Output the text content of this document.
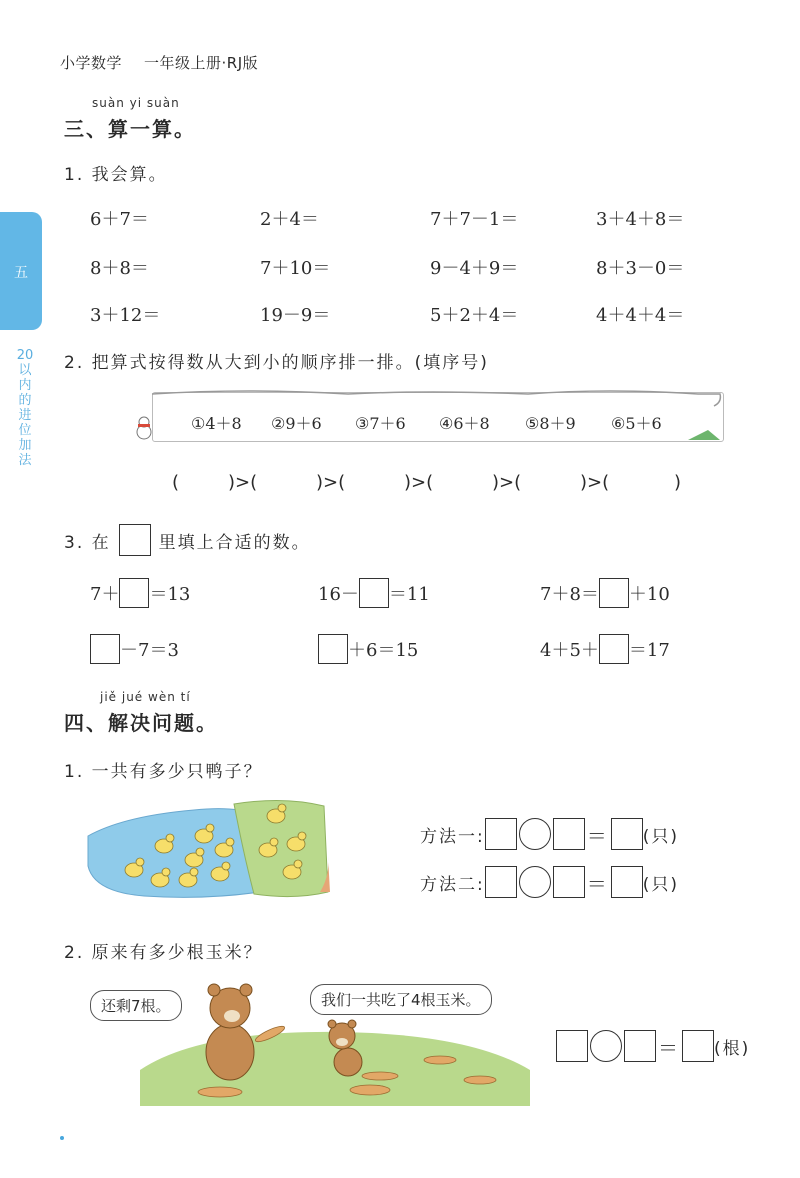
小学数学 一年级上册·RJ版
五
20以内的进位加法
suàn yi suàn
三、算一算。
1. 我会算。
6＋7＝	2＋4＝	7＋7－1＝	3＋4＋8＝
8＋8＝	7＋10＝	9－4＋9＝	8＋3－0＝
3＋12＝	19－9＝	5＋2＋4＝	4＋4＋4＝
2. 把算式按得数从大到小的顺序排一排。(填序号)
①4＋8 ②9＋6 ③7＋6 ④6＋8 ⑤8＋9 ⑥5＋6
(	)>(	)>(	)>(	)>(	)>(	)
3. 在	里填上合适的数。
7＋ ＝13	16－ ＝11	7＋8＝ ＋10
－7＝3	＋6＝15	4＋5＋ ＝17
jiě jué wèn tí
四、解决问题。
1. 一共有多少只鸭子？
方法一:	＝ (只)
方法二:	＝ (只)
2. 原来有多少根玉米？
还剩7根。	我们一共吃了4根玉米。
＝ (根)
